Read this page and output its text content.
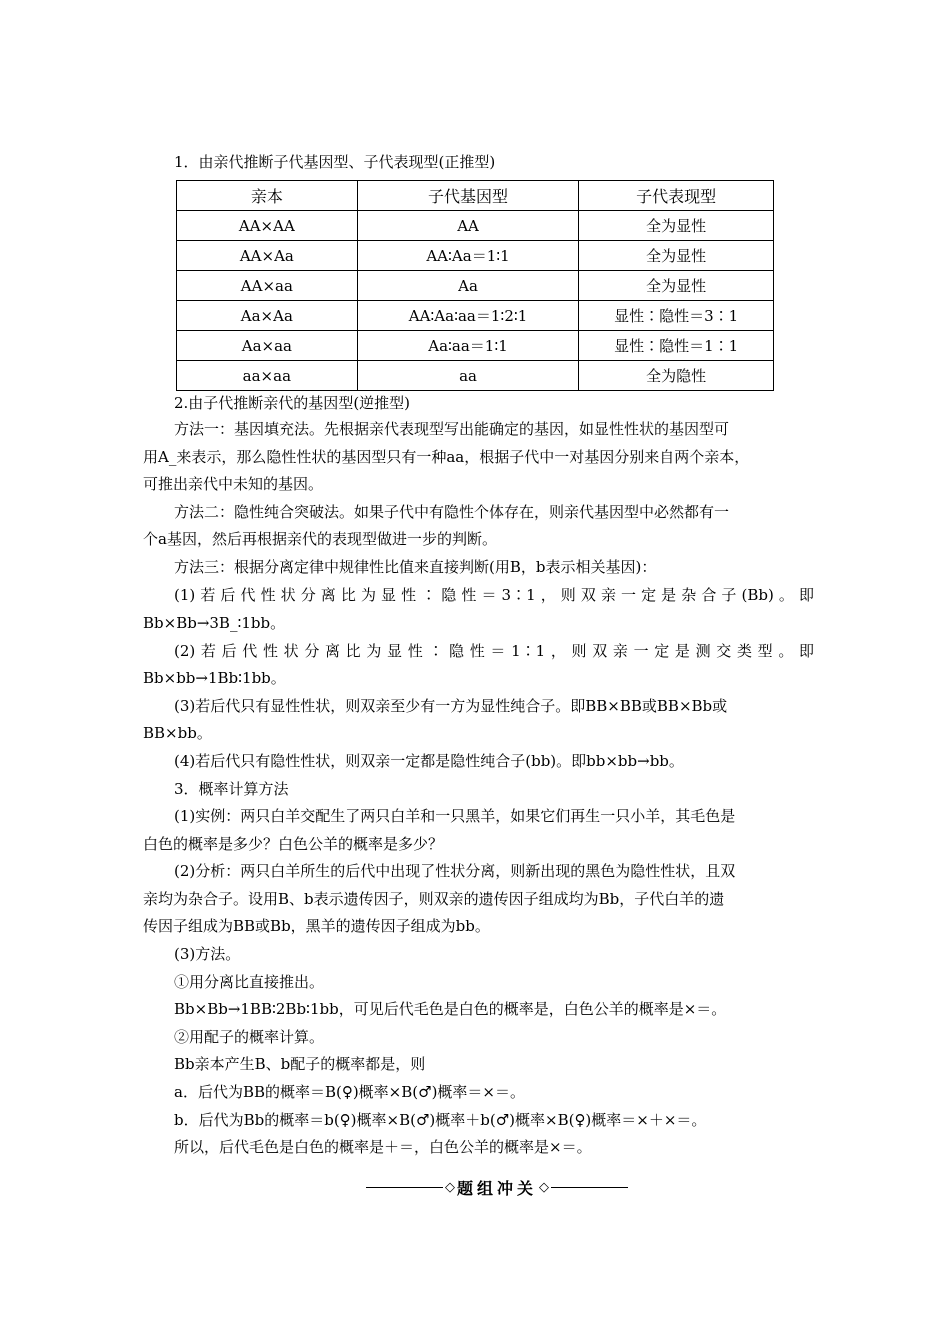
1．由亲代推断子代基因型、子代表现型(正推型)
亲本	子代基因型	子代表现型
AA×AA	AA	全为显性
AA×Aa	AA∶Aa＝1∶1	全为显性
AA×aa	Aa	全为显性
Aa×Aa	AA∶Aa∶aa＝1∶2∶1	显性∶隐性＝3∶1
Aa×aa	Aa∶aa＝1∶1	显性∶隐性＝1∶1
aa×aa	aa	全为隐性
2.由子代推断亲代的基因型(逆推型)
方法一：基因填充法。先根据亲代表现型写出能确定的基因，如显性性状的基因型可
用A_来表示，那么隐性性状的基因型只有一种aa，根据子代中一对基因分别来自两个亲本，
可推出亲代中未知的基因。
方法二：隐性纯合突破法。如果子代中有隐性个体存在，则亲代基因型中必然都有一
个a基因，然后再根据亲代的表现型做进一步的判断。
方法三：根据分离定律中规律性比值来直接判断(用B，b表示相关基因)：
(1)若后代性状分离比为显性∶隐性＝3∶1，则双亲一定是杂合子(Bb)。即
Bb×Bb→3B_∶1bb。
(2)若后代性状分离比为显性∶隐性＝1∶1，则双亲一定是测交类型。即
Bb×bb→1Bb∶1bb。
(3)若后代只有显性性状，则双亲至少有一方为显性纯合子。即BB×BB或BB×Bb或
BB×bb。
(4)若后代只有隐性性状，则双亲一定都是隐性纯合子(bb)。即bb×bb→bb。
3．概率计算方法
(1)实例：两只白羊交配生了两只白羊和一只黑羊，如果它们再生一只小羊，其毛色是
白色的概率是多少？白色公羊的概率是多少？
(2)分析：两只白羊所生的后代中出现了性状分离，则新出现的黑色为隐性性状，且双
亲均为杂合子。设用B、b表示遗传因子，则双亲的遗传因子组成均为Bb，子代白羊的遗
传因子组成为BB或Bb，黑羊的遗传因子组成为bb。
(3)方法。
①用分离比直接推出。
Bb×Bb→1BB∶2Bb∶1bb，可见后代毛色是白色的概率是，白色公羊的概率是×＝。
②用配子的概率计算。
Bb亲本产生B、b配子的概率都是，则
a．后代为BB的概率＝B(♀)概率×B(♂)概率＝×＝。
b．后代为Bb的概率＝b(♀)概率×B(♂)概率＋b(♂)概率×B(♀)概率＝×＋×＝。
所以，后代毛色是白色的概率是＋＝，白色公羊的概率是×＝。
◇ 题组冲关 ◇
